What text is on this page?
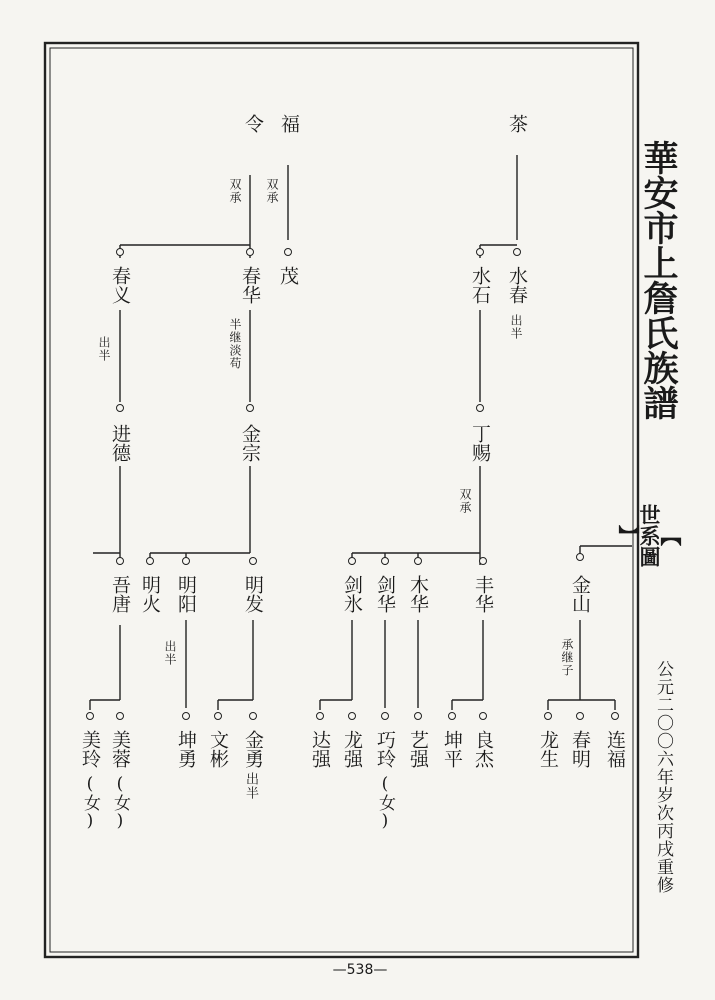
華安市上詹氏族譜
【
世系圖
】
公元二〇〇六年岁次丙戌重修
令 福	茶
茂
春华
春义	水春
水石
金宗
进德	丁赐
明发
明阳
明火
吾唐	丰华
木华
剑华
剑氷	金山
金勇
文彬
坤勇
美蓉
美玲	良杰
坤平
艺强
巧玲
龙强
达强	连福
春明
龙生
双承
双承
出半
出半	半继淡苟
双承
出半	承继子
出半
(女)
(女)	(女)
—538—
